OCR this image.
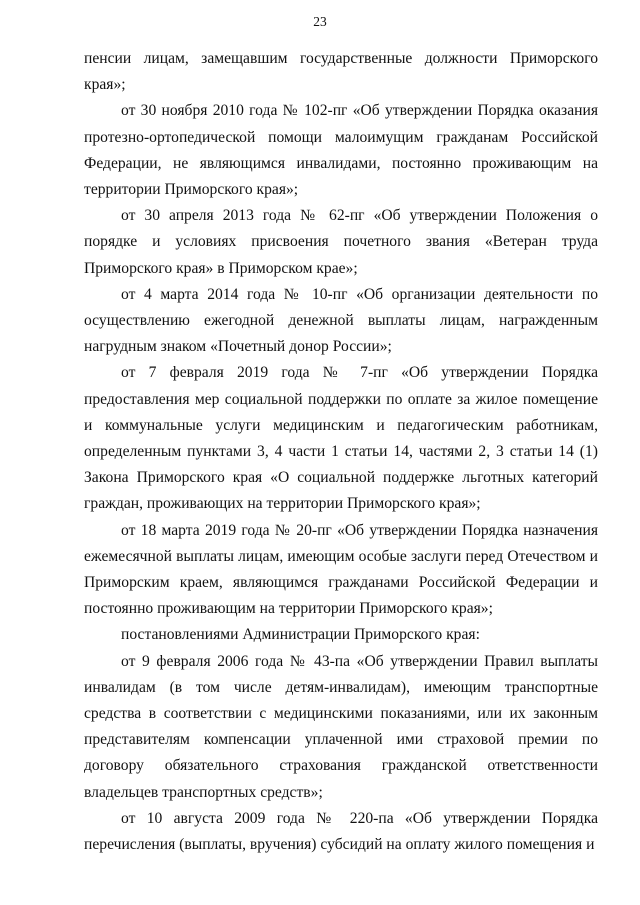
23

пенсии лицам, замещавшим государственные должности Приморского края»;

от 30 ноября 2010 года № 102-пг «Об утверждении Порядка оказания протезно-ортопедической помощи малоимущим гражданам Российской Федерации, не являющимся инвалидами, постоянно проживающим на территории Приморского края»;

от 30 апреля 2013 года № 62-пг «Об утверждении Положения о порядке и условиях присвоения почетного звания «Ветеран труда Приморского края» в Приморском крае»;

от 4 марта 2014 года № 10-пг «Об организации деятельности по осуществлению ежегодной денежной выплаты лицам, награжденным нагрудным знаком «Почетный донор России»;

от 7 февраля 2019 года № 7-пг «Об утверждении Порядка предоставления мер социальной поддержки по оплате за жилое помещение и коммунальные услуги медицинским и педагогическим работникам, определенным пунктами 3, 4 части 1 статьи 14, частями 2, 3 статьи 14 (1) Закона Приморского края «О социальной поддержке льготных категорий граждан, проживающих на территории Приморского края»;

от 18 марта 2019 года № 20-пг «Об утверждении Порядка назначения ежемесячной выплаты лицам, имеющим особые заслуги перед Отечеством и Приморским краем, являющимся гражданами Российской Федерации и постоянно проживающим на территории Приморского края»;

постановлениями Администрации Приморского края:

от 9 февраля 2006 года № 43-па «Об утверждении Правил выплаты инвалидам (в том числе детям-инвалидам), имеющим транспортные средства в соответствии с медицинскими показаниями, или их законным представителям компенсации уплаченной ими страховой премии по договору обязательного страхования гражданской ответственности владельцев транспортных средств»;

от 10 августа 2009 года № 220-па «Об утверждении Порядка перечисления (выплаты, вручения) субсидий на оплату жилого помещения и
